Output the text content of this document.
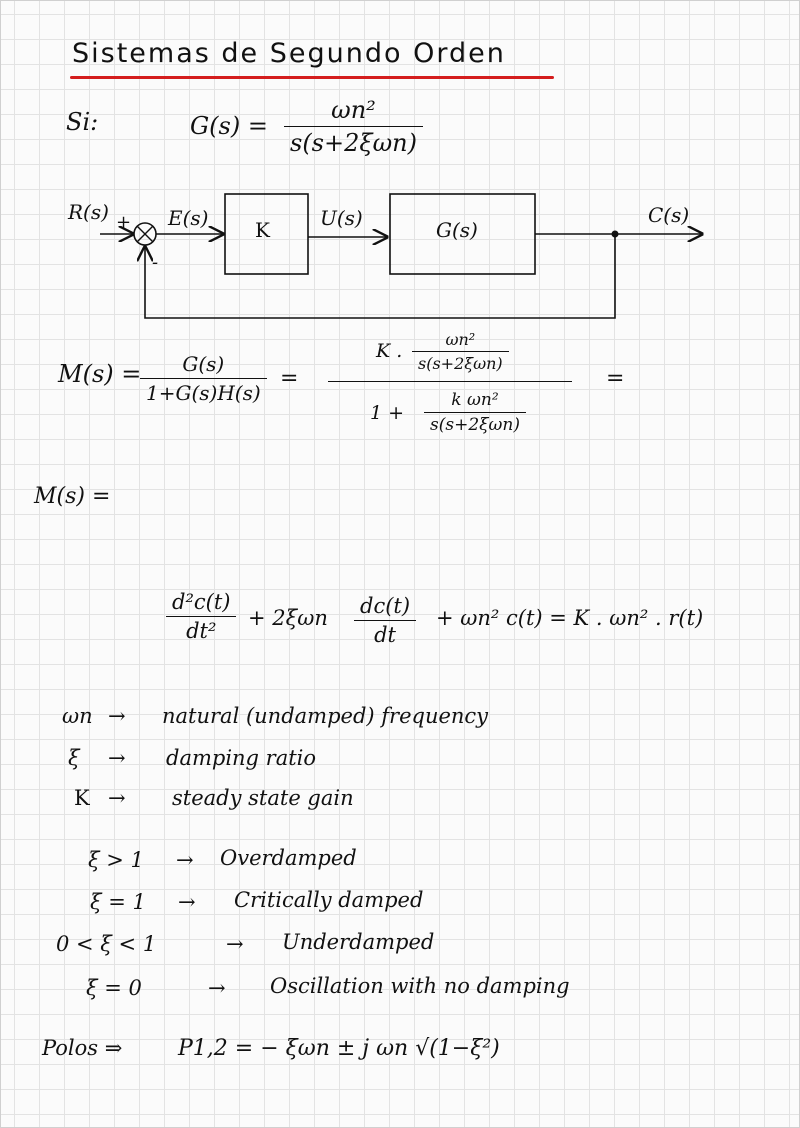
Sistemas de Segundo Orden
Si:	G(s) =
ωn²
s(s+2ξωn)
R(s) +
-
E(s) K	U(s)	G(s)
C(s)
M(s) =	G(s)
1+G(s)H(s)
=
K .
ωn²
s(s+2ξωn)
1 +
k ωn²
s(s+2ξωn)
=
M(s) =
d²c(t)
dt²
+ 2ξωn dc(t)
dt
+ ωn² c(t) = K . ωn² . r(t)
ωn → natural (undamped) frequency
ξ → damping ratio
K → steady state gain
ξ > 1 → Overdamped
ξ = 1 → Critically damped
0 < ξ < 1	→ Underdamped
ξ = 0	→ Oscillation with no damping
Polos ⇒	P1,2 = − ξωn ± j ωn √(1−ξ²)
